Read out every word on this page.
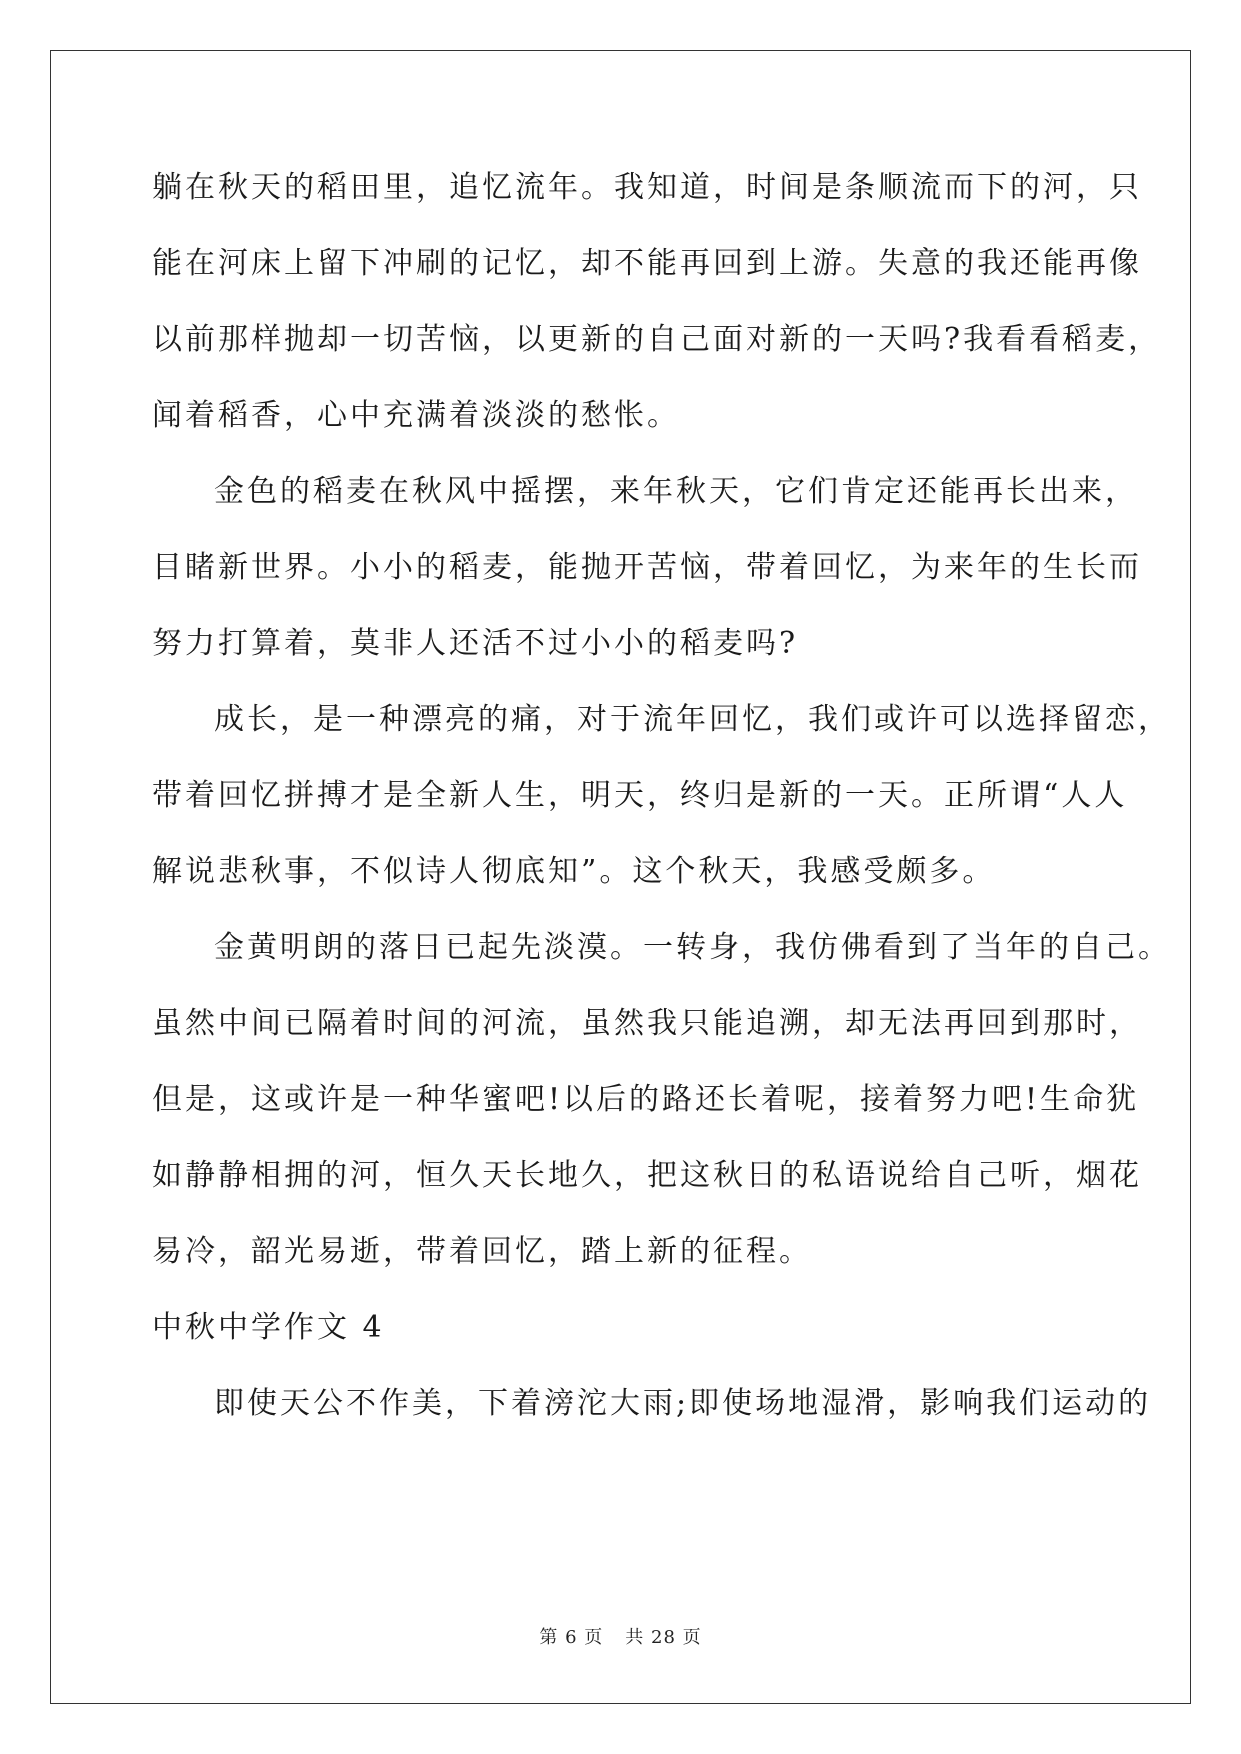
躺在秋天的稻田里，追忆流年。我知道，时间是条顺流而下的河，只
能在河床上留下冲刷的记忆，却不能再回到上游。失意的我还能再像
以前那样抛却一切苦恼，以更新的自己面对新的一天吗?我看看稻麦，
闻着稻香，心中充满着淡淡的愁怅。
金色的稻麦在秋风中摇摆，来年秋天，它们肯定还能再长出来，
目睹新世界。小小的稻麦，能抛开苦恼，带着回忆，为来年的生长而
努力打算着，莫非人还活不过小小的稻麦吗?
成长，是一种漂亮的痛，对于流年回忆，我们或许可以选择留恋，
带着回忆拼搏才是全新人生，明天，终归是新的一天。正所谓“人人
解说悲秋事，不似诗人彻底知”。这个秋天，我感受颇多。
金黄明朗的落日已起先淡漠。一转身，我仿佛看到了当年的自己。
虽然中间已隔着时间的河流，虽然我只能追溯，却无法再回到那时，
但是，这或许是一种华蜜吧!以后的路还长着呢，接着努力吧!生命犹
如静静相拥的河，恒久天长地久，把这秋日的私语说给自己听，烟花
易冷，韶光易逝，带着回忆，踏上新的征程。
中秋中学作文 4
即使天公不作美，下着滂沱大雨;即使场地湿滑，影响我们运动的
第 6 页 共 28 页
